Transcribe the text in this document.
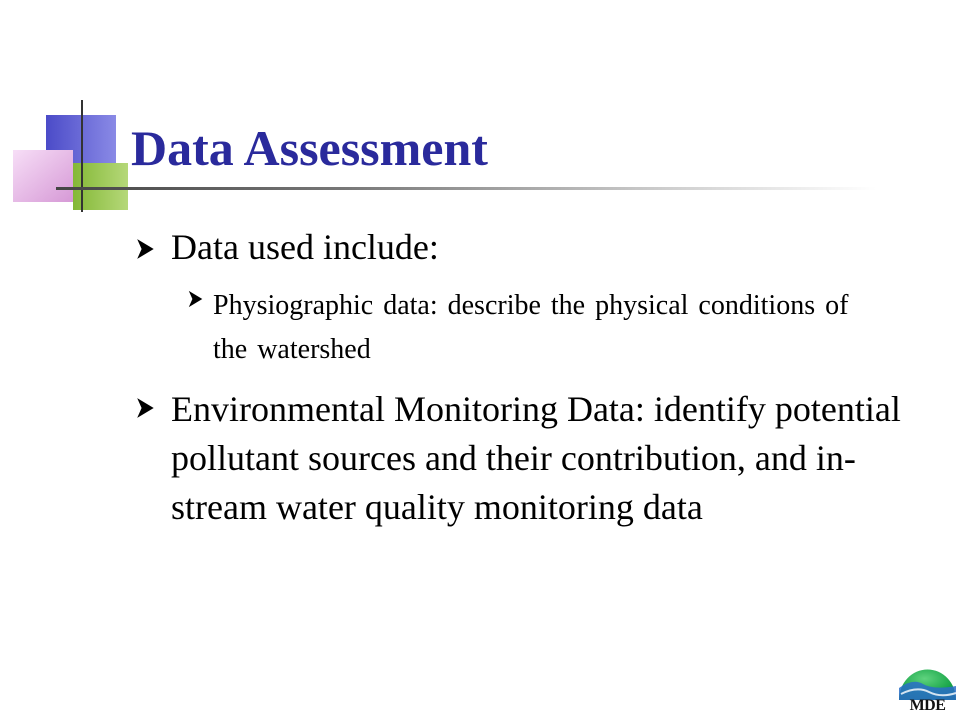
Data Assessment
Data used include:
Physiographic data: describe the physical conditions of the watershed
Environmental Monitoring Data: identify potential pollutant sources and their contribution, and in-stream water quality monitoring data
MDE
